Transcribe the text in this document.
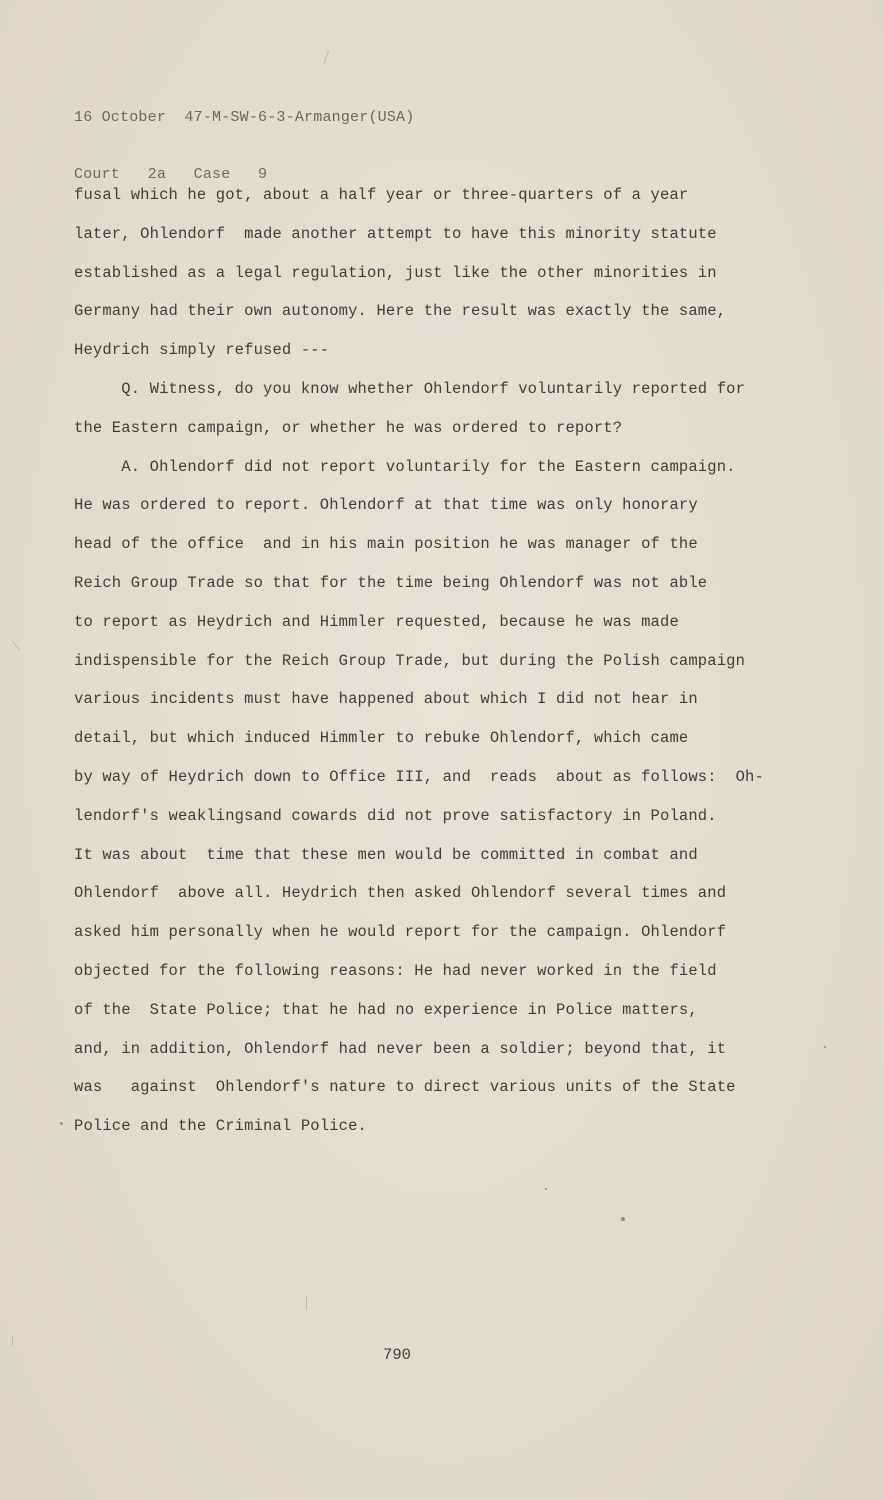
16 October  47-M-SW-6-3-Armanger(USA)

Court   2a   Case   9

fusal which he got, about a half year or three-quarters of a year
later, Ohlendorf  made another attempt to have this minority statute
established as a legal regulation, just like the other minorities in
Germany had their own autonomy. Here the result was exactly the same,
Heydrich simply refused ---
Q. Witness, do you know whether Ohlendorf voluntarily reported for
the Eastern campaign, or whether he was ordered to report?
A. Ohlendorf did not report voluntarily for the Eastern campaign.
He was ordered to report. Ohlendorf at that time was only honorary
head of the office  and in his main position he was manager of the
Reich Group Trade so that for the time being Ohlendorf was not able
to report as Heydrich and Himmler requested, because he was made
indispensible for the Reich Group Trade, but during the Polish campaign
various incidents must have happened about which I did not hear in
detail, but which induced Himmler to rebuke Ohlendorf, which came
by way of Heydrich down to Office III, and  reads  about as follows:  Oh-
lendorf's weaklingsand cowards did not prove satisfactory in Poland.
It was about  time that these men would be committed in combat and
Ohlendorf  above all. Heydrich then asked Ohlendorf several times and
asked him personally when he would report for the campaign. Ohlendorf
objected for the following reasons: He had never worked in the field
of the  State Police; that he had no experience in Police matters,
and, in addition, Ohlendorf had never been a soldier; beyond that, it
was   against  Ohlendorf's nature to direct various units of the State
Police and the Criminal Police.
790
